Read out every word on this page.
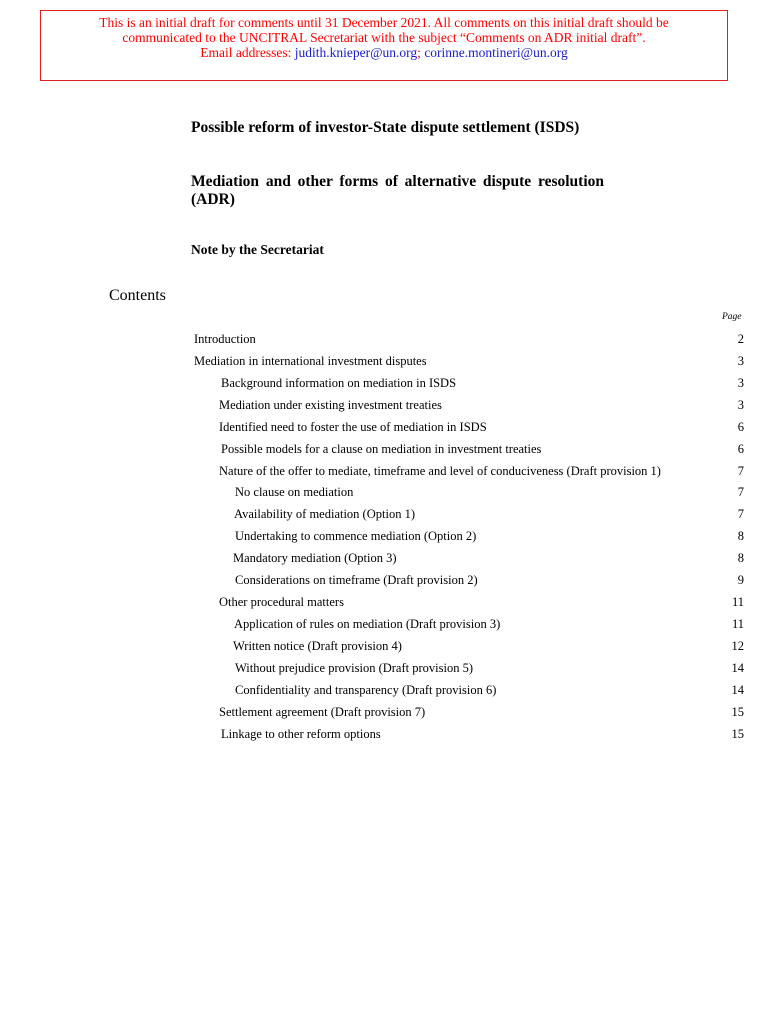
This is an initial draft for comments until 31 December 2021. All comments on this initial draft should be
communicated to the UNCITRAL Secretariat with the subject “Comments on ADR initial draft”.
Email addresses: judith.knieper@un.org; corinne.montineri@un.org
Possible reform of investor-State dispute settlement (ISDS)
Mediation and other forms of alternative dispute resolution (ADR)
Note by the Secretariat
Contents
Page
Introduction	2
Mediation in international investment disputes	3
Background information on mediation in ISDS	3
Mediation under existing investment treaties	3
Identified need to foster the use of mediation in ISDS	6
Possible models for a clause on mediation in investment treaties	6
Nature of the offer to mediate, timeframe and level of conduciveness (Draft provision 1)	7
No clause on mediation	7
Availability of mediation (Option 1)	7
Undertaking to commence mediation (Option 2)	8
Mandatory mediation (Option 3)	8
Considerations on timeframe (Draft provision 2)	9
Other procedural matters	11
Application of rules on mediation (Draft provision 3)	11
Written notice (Draft provision 4)	12
Without prejudice provision (Draft provision 5)	14
Confidentiality and transparency (Draft provision 6)	14
Settlement agreement (Draft provision 7)	15
Linkage to other reform options	15
